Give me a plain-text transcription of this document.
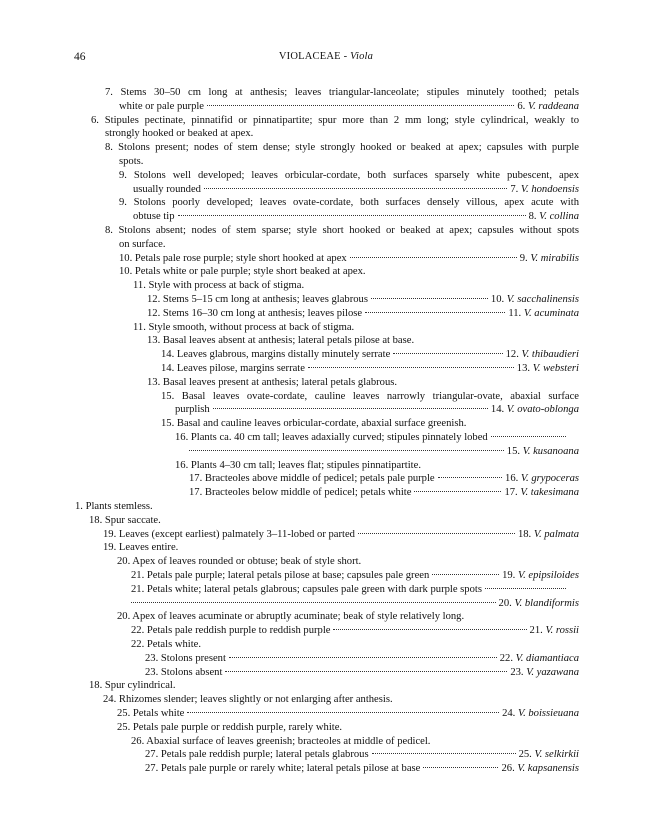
46	VIOLACEAE - Viola
7. Stems 30–50 cm long at anthesis; leaves triangular-lanceolate; stipules minutely toothed; petals
white or pale purple	6. V. raddeana
6. Stipules pectinate, pinnatifid or pinnatipartite; spur more than 2 mm long; style cylindrical, weakly to
strongly hooked or beaked at apex.
8. Stolons present; nodes of stem dense; style strongly hooked or beaked at apex; capsules with purple
spots.
9. Stolons well developed; leaves orbicular-cordate, both surfaces sparsely white pubescent, apex
usually rounded	7. V. hondoensis
9. Stolons poorly developed; leaves ovate-cordate, both surfaces densely villous, apex acute with
obtuse tip	8. V. collina
8. Stolons absent; nodes of stem sparse; style short hooked or beaked at apex; capsules without spots
on surface.
10. Petals pale rose purple; style short hooked at apex	9. V. mirabilis
10. Petals white or pale purple; style short beaked at apex.
11. Style with process at back of stigma.
12. Stems 5–15 cm long at anthesis; leaves glabrous	10. V. sacchalinensis
12. Stems 16–30 cm long at anthesis; leaves pilose	11. V. acuminata
11. Style smooth, without process at back of stigma.
13. Basal leaves absent at anthesis; lateral petals pilose at base.
14. Leaves glabrous, margins distally minutely serrate	12. V. thibaudieri
14. Leaves pilose, margins serrate	13. V. websteri
13. Basal leaves present at anthesis; lateral petals glabrous.
15. Basal leaves ovate-cordate, cauline leaves narrowly triangular-ovate, abaxial surface
purplish	14. V. ovato-oblonga
15. Basal and cauline leaves orbicular-cordate, abaxial surface greenish.
16. Plants ca. 40 cm tall; leaves adaxially curved; stipules pinnately lobed
15. V. kusanoana
16. Plants 4–30 cm tall; leaves flat; stipules pinnatipartite.
17. Bracteoles above middle of pedicel; petals pale purple	16. V. grypoceras
17. Bracteoles below middle of pedicel; petals white	17. V. takesimana
1. Plants stemless.
18. Spur saccate.
19. Leaves (except earliest) palmately 3–11-lobed or parted	18. V. palmata
19. Leaves entire.
20. Apex of leaves rounded or obtuse; beak of style short.
21. Petals pale purple; lateral petals pilose at base; capsules pale green	19. V. epipsiloides
21. Petals white; lateral petals glabrous; capsules pale green with dark purple spots
20. V. blandiformis
20. Apex of leaves acuminate or abruptly acuminate; beak of style relatively long.
22. Petals pale reddish purple to reddish purple	21. V. rossii
22. Petals white.
23. Stolons present	22. V. diamantiaca
23. Stolons absent	23. V. yazawana
18. Spur cylindrical.
24. Rhizomes slender; leaves slightly or not enlarging after anthesis.
25. Petals white	24. V. boissieuana
25. Petals pale purple or reddish purple, rarely white.
26. Abaxial surface of leaves greenish; bracteoles at middle of pedicel.
27. Petals pale reddish purple; lateral petals glabrous	25. V. selkirkii
27. Petals pale purple or rarely white; lateral petals pilose at base	26. V. kapsanensis
